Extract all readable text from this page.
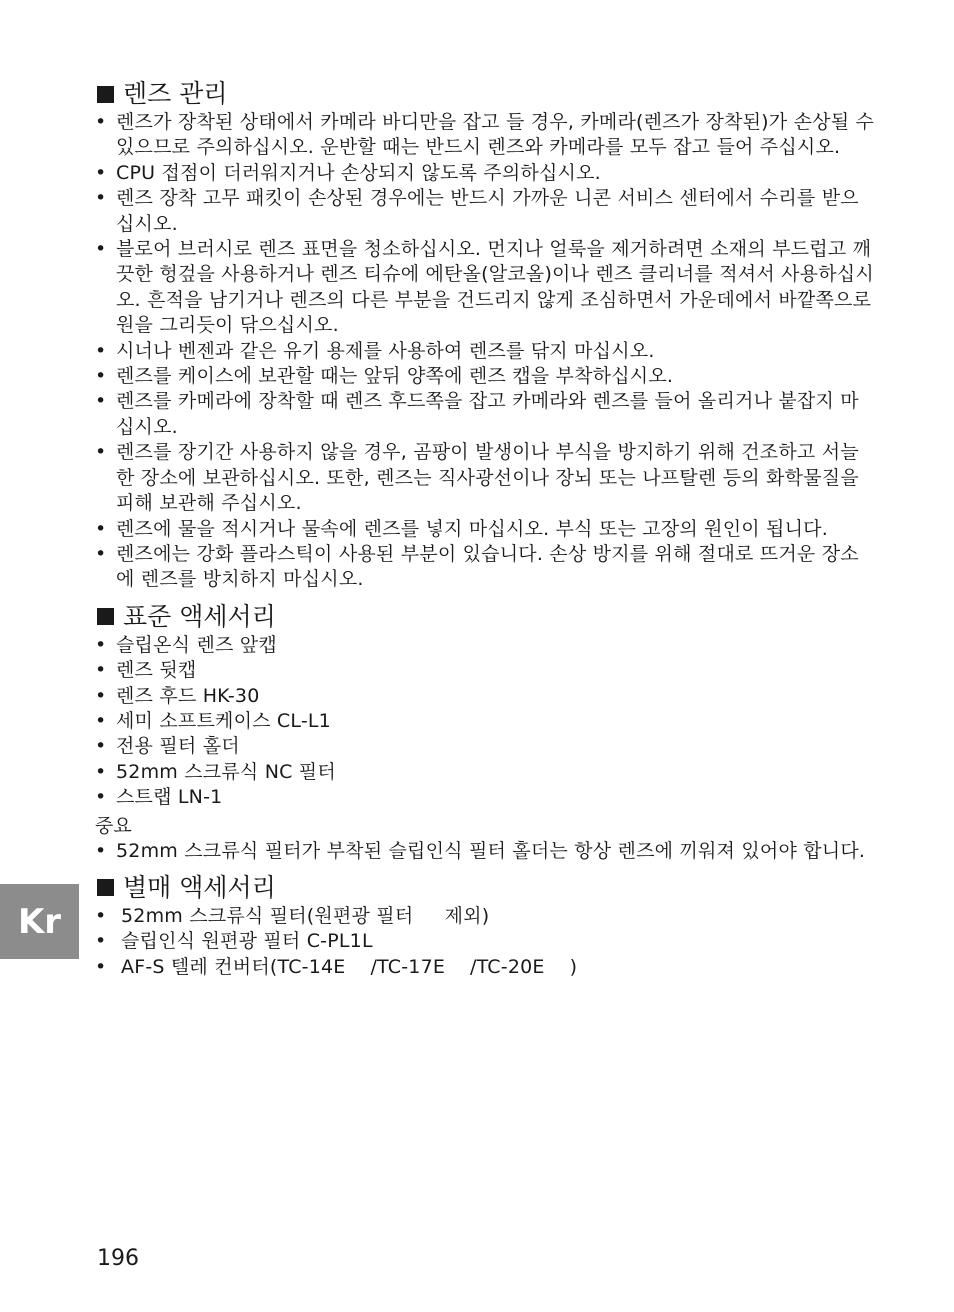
렌즈 관리
• 렌즈가 장착된 상태에서 카메라 바디만을 잡고 들 경우, 카메라(렌즈가 장착된)가 손상될 수 있으므로 주의하십시오. 운반할 때는 반드시 렌즈와 카메라를 모두 잡고 들어 주십시오.
• CPU 접점이 더러워지거나 손상되지 않도록 주의하십시오.
• 렌즈 장착 고무 패킷이 손상된 경우에는 반드시 가까운 니콘 서비스 센터에서 수리를 받으십시오.
• 블로어 브러시로 렌즈 표면을 청소하십시오. 먼지나 얼룩을 제거하려면 소재의 부드럽고 깨끗한 헝겊을 사용하거나 렌즈 티슈에 에탄올(알코올)이나 렌즈 클리너를 적셔서 사용하십시오. 흔적을 남기거나 렌즈의 다른 부분을 건드리지 않게 조심하면서 가운데에서 바깥쪽으로 원을 그리듯이 닦으십시오.
• 시너나 벤젠과 같은 유기 용제를 사용하여 렌즈를 닦지 마십시오.
• 렌즈를 케이스에 보관할 때는 앞뒤 양쪽에 렌즈 캡을 부착하십시오.
• 렌즈를 카메라에 장착할 때 렌즈 후드쪽을 잡고 카메라와 렌즈를 들어 올리거나 붙잡지 마십시오.
• 렌즈를 장기간 사용하지 않을 경우, 곰팡이 발생이나 부식을 방지하기 위해 건조하고 서늘한 장소에 보관하십시오. 또한, 렌즈는 직사광선이나 장뇌 또는 나프탈렌 등의 화학물질을 피해 보관해 주십시오.
• 렌즈에 물을 적시거나 물속에 렌즈를 넣지 마십시오. 부식 또는 고장의 원인이 됩니다.
• 렌즈에는 강화 플라스틱이 사용된 부분이 있습니다. 손상 방지를 위해 절대로 뜨거운 장소에 렌즈를 방치하지 마십시오.
표준 액세서리
• 슬립온식 렌즈 앞캡
• 렌즈 뒷캡
• 렌즈 후드 HK-30
• 세미 소프트케이스 CL-L1
• 전용 필터 홀더
• 52mm 스크류식 NC 필터
• 스트랩 LN-1
중요
• 52mm 스크류식 필터가 부착된 슬립인식 필터 홀더는 항상 렌즈에 끼워져 있어야 합니다.
별매 액세서리
• 52mm 스크류식 필터(원편광 필터     제외)
• 슬립인식 원편광 필터 C-PL1L
• AF-S 텔레 컨버터(TC-14E    /TC-17E    /TC-20E    )
Kr
196
